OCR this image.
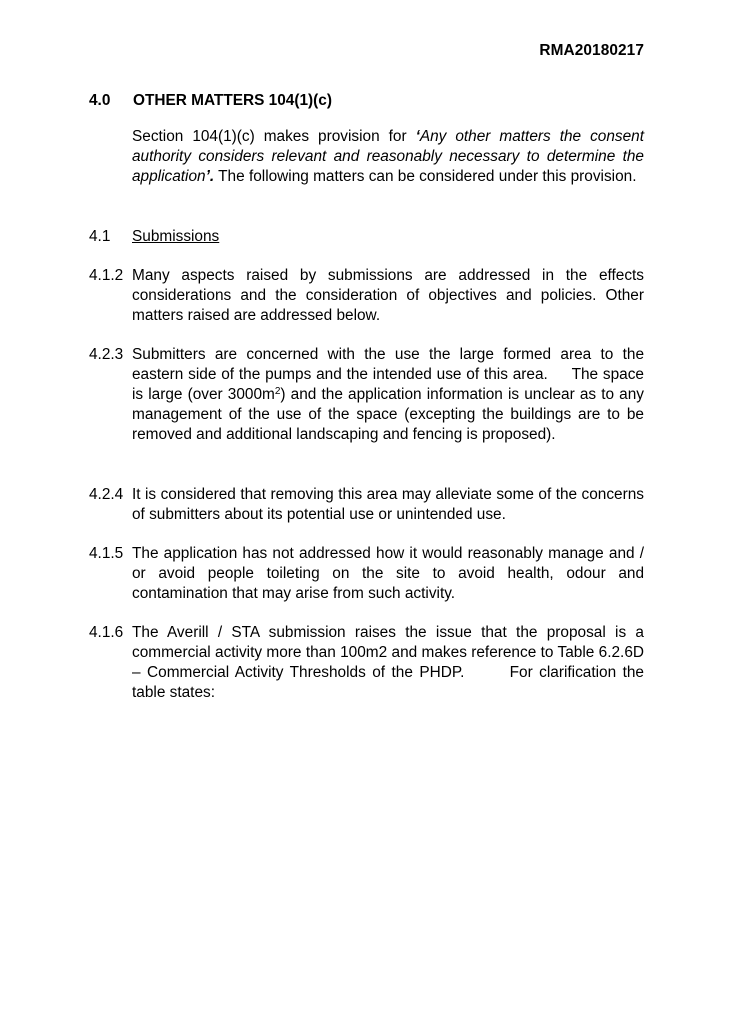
RMA20180217
4.0 OTHER MATTERS 104(1)(c)
Section 104(1)(c) makes provision for ‘Any other matters the consent authority considers relevant and reasonably necessary to determine the application’. The following matters can be considered under this provision.
4.1 Submissions
4.1.2 Many aspects raised by submissions are addressed in the effects considerations and the consideration of objectives and policies. Other matters raised are addressed below.
4.2.3 Submitters are concerned with the use the large formed area to the eastern side of the pumps and the intended use of this area.     The space is large (over $3000m^2$) and the application information is unclear as to any management of the use of the space (excepting the buildings are to be removed and additional landscaping and fencing is proposed).
4.2.4 It is considered that removing this area may alleviate some of the concerns of submitters about its potential use or unintended use.
4.1.5 The application has not addressed how it would reasonably manage and / or avoid people toileting on the site to avoid health, odour and contamination that may arise from such activity.
4.1.6 The Averill / STA submission raises the issue that the proposal is a commercial activity more than 100m2 and makes reference to Table 6.2.6D – Commercial Activity Thresholds of the PHDP.       For clarification the table states:
